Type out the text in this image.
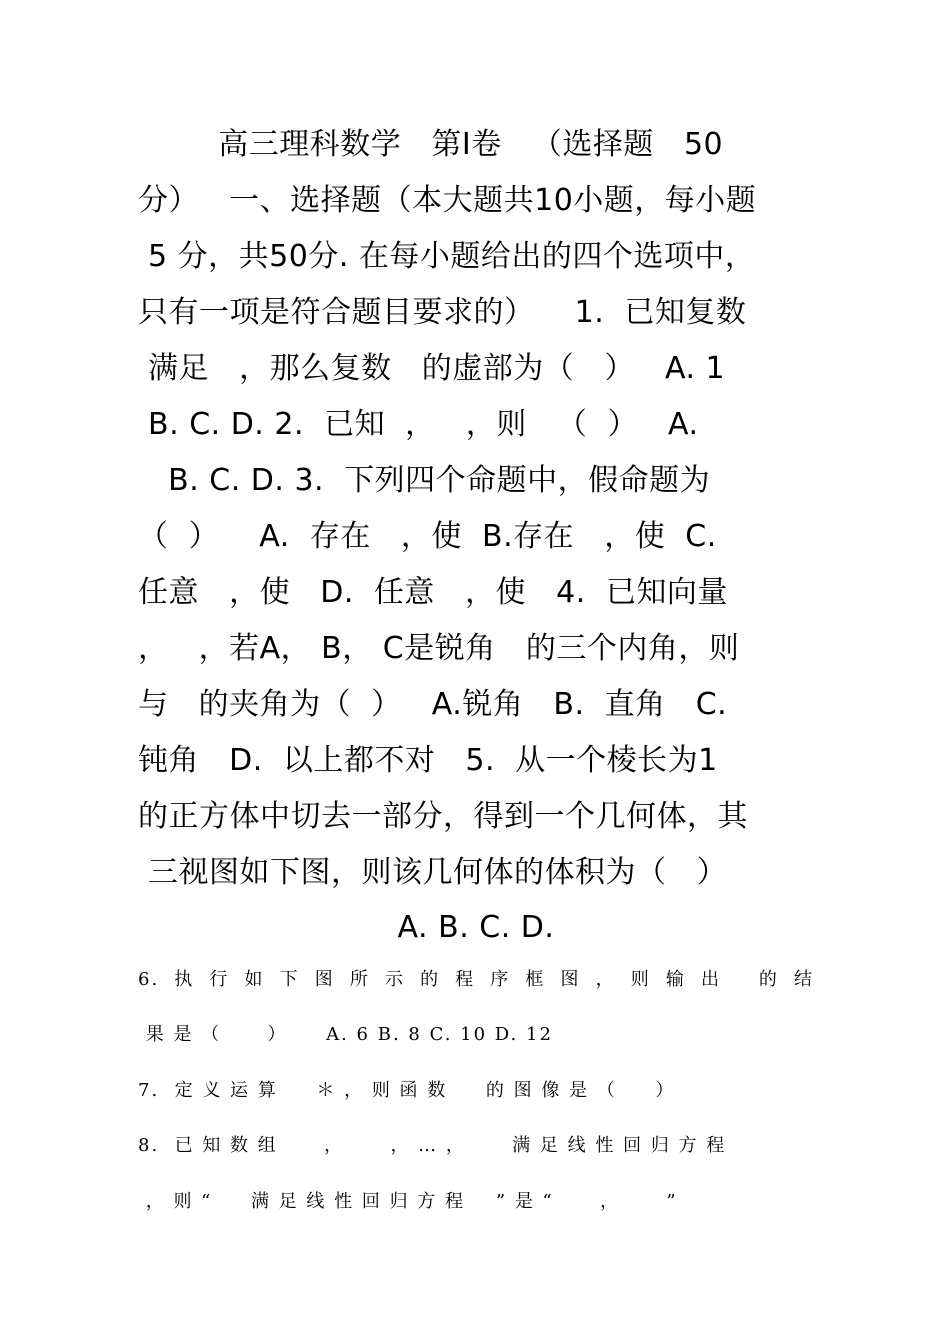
高三理科数学   第Ⅰ卷   （选择题   50
分）   一、选择题（本大题共10小题，每小题
5 分，共50分. 在每小题给出的四个选项中，
只有一项是符合题目要求的）    1.  已知复数
满足   ，那么复数   的虚部为（   ）   A. 1
B. C. D. 2.  已知  ，   ，则   （  ）   A.
B. C. D. 3.  下列四个命题中，假命题为
（  ）    A.  存在   ，使  B.存在   ，使  C.
任意   ，使   D.  任意   ，使   4.  已知向量
，   ，若A， B， C是锐角   的三个内角，则
与   的夹角为（  ）   A.锐角   B.  直角   C.
钝角   D.  以上都不对   5.  从一个棱长为1
的正方体中切去一部分，得到一个几何体，其
三视图如下图，则该几何体的体积为（   ）
A. B. C. D.
6. 执 行 如 下 图 所 示 的 程 序 框 图 ， 则 输 出
的 结
果 是 （      ）     A. 6 B. 8 C. 10 D. 12
7.  定 义 运 算     ＊ ， 则 函 数     的 图 像 是 （     ）
8.  已 知 数 组      ，      ， … ，      满 足 线 性 回 归 方 程
， 则 “     满 足 线 性 回 归 方 程    ” 是 “      ，      ”
